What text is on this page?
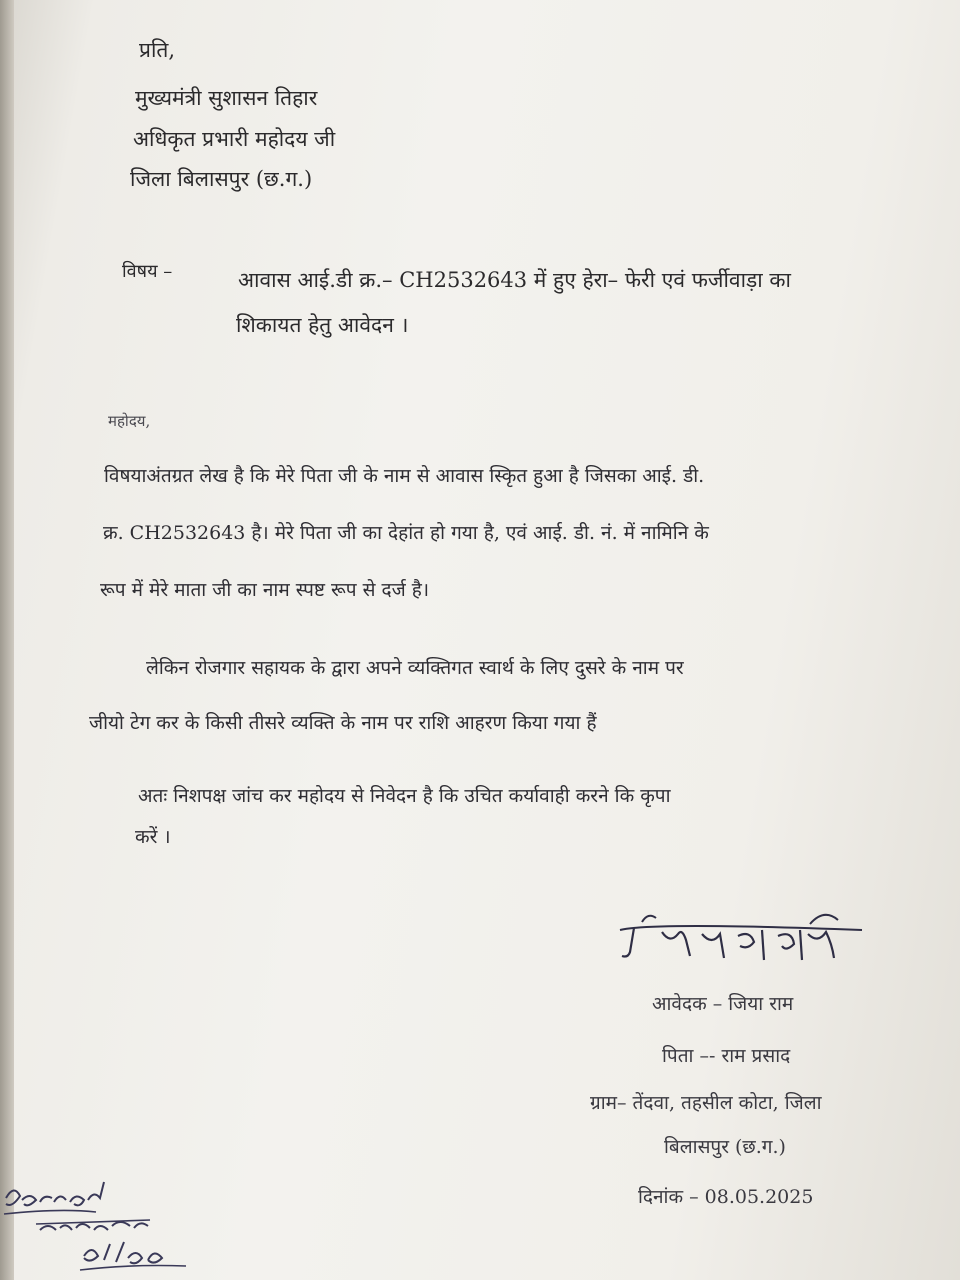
प्रति,
मुख्यमंत्री सुशासन तिहार
अधिकृत प्रभारी महोदय जी
जिला बिलासपुर (छ.ग.)
विषय –	आवास आई.डी क्र.– CH2532643 में हुए हेरा– फेरी एवं फर्जीवाड़ा का
शिकायत हेतु आवेदन ।
महोदय,
विषयाअंतग्रत लेख है कि मेरे पिता जी के नाम से आवास स्किृत हुआ है जिसका आई. डी.
क्र. CH2532643 है। मेरे पिता जी का देहांत हो गया है, एवं आई. डी. नं. में नामिनि के
रूप में मेरे माता जी का नाम स्पष्ट रूप से दर्ज है।
लेकिन रोजगार सहायक के द्वारा अपने व्यक्तिगत स्वार्थ के लिए दुसरे के नाम पर
जीयो टेग कर के किसी तीसरे व्यक्ति के नाम पर राशि आहरण किया गया हैं
अतः निशपक्ष जांच कर महोदय से निवेदन है कि उचित कर्यावाही करने कि कृपा
करें ।
आवेदक – जिया राम
पिता –- राम प्रसाद
ग्राम– तेंदवा, तहसील कोटा, जिला
बिलासपुर (छ.ग.)
दिनांक – 08.05.2025
